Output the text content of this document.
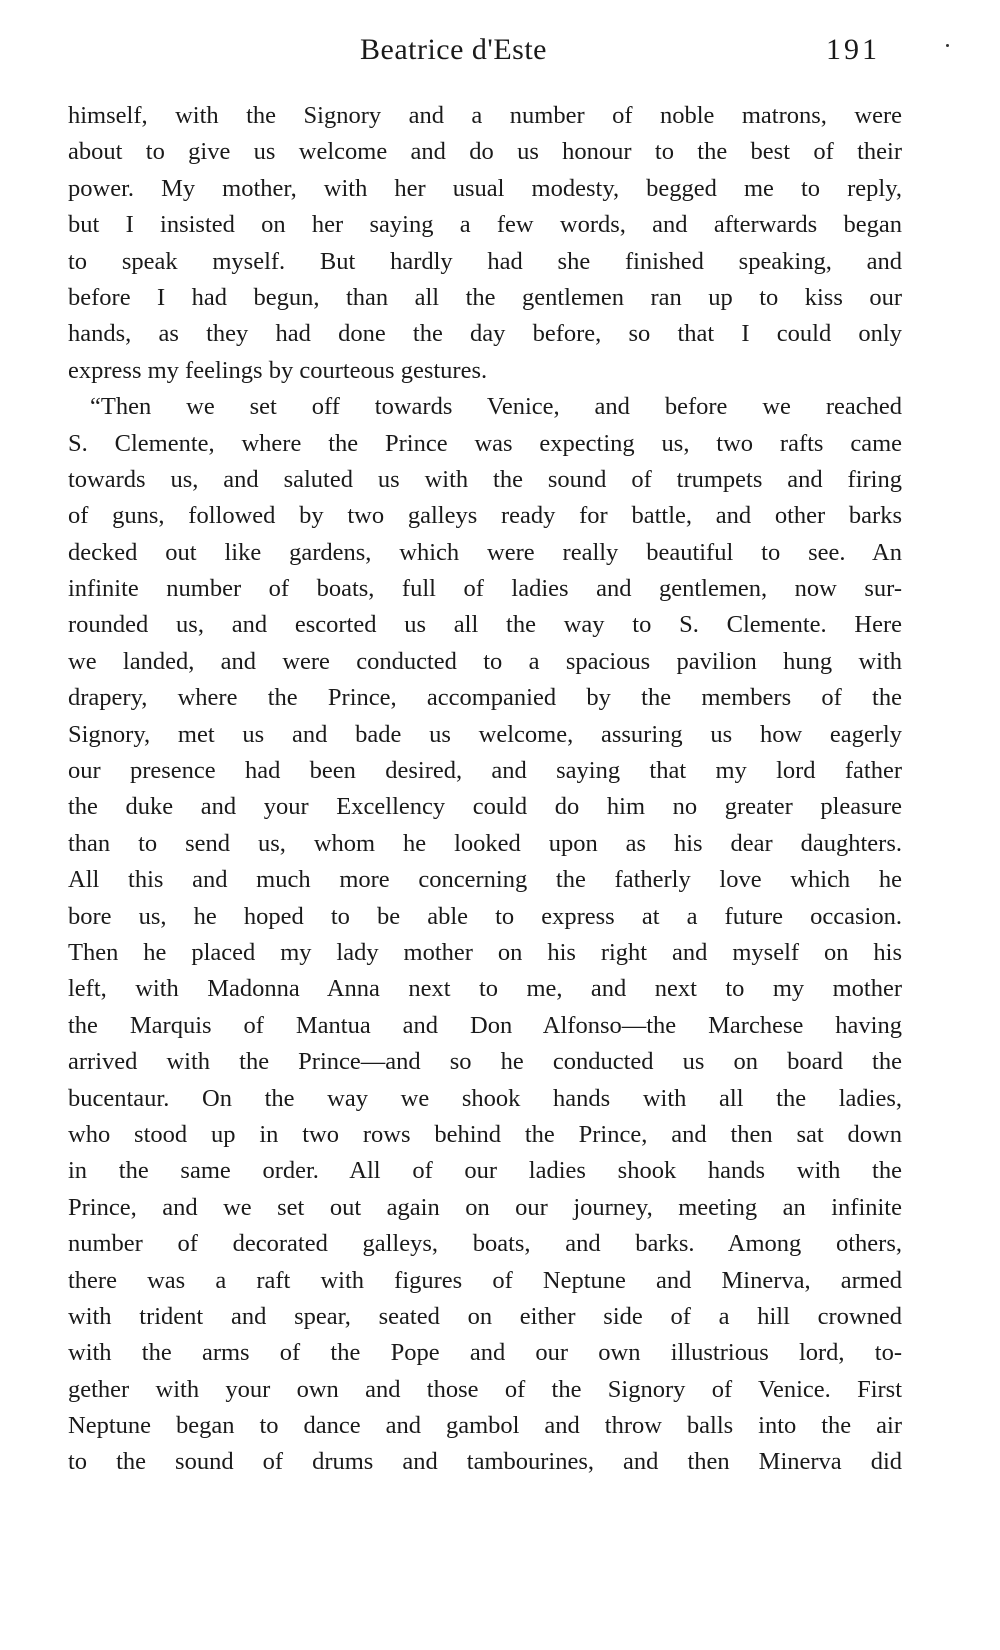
Beatrice d'Este	191
himself, with the Signory and a number of noble matrons, were
about to give us welcome and do us honour to the best of their
power. My mother, with her usual modesty, begged me to reply,
but I insisted on her saying a few words, and afterwards began
to speak myself. But hardly had she finished speaking, and
before I had begun, than all the gentlemen ran up to kiss our
hands, as they had done the day before, so that I could only
express my feelings by courteous gestures.
“Then we set off towards Venice, and before we reached
S. Clemente, where the Prince was expecting us, two rafts came
towards us, and saluted us with the sound of trumpets and firing
of guns, followed by two galleys ready for battle, and other barks
decked out like gardens, which were really beautiful to see. An
infinite number of boats, full of ladies and gentlemen, now sur-
rounded us, and escorted us all the way to S. Clemente. Here
we landed, and were conducted to a spacious pavilion hung with
drapery, where the Prince, accompanied by the members of the
Signory, met us and bade us welcome, assuring us how eagerly
our presence had been desired, and saying that my lord father
the duke and your Excellency could do him no greater pleasure
than to send us, whom he looked upon as his dear daughters.
All this and much more concerning the fatherly love which he
bore us, he hoped to be able to express at a future occasion.
Then he placed my lady mother on his right and myself on his
left, with Madonna Anna next to me, and next to my mother
the Marquis of Mantua and Don Alfonso—the Marchese having
arrived with the Prince—and so he conducted us on board the
bucentaur. On the way we shook hands with all the ladies,
who stood up in two rows behind the Prince, and then sat down
in the same order. All of our ladies shook hands with the
Prince, and we set out again on our journey, meeting an infinite
number of decorated galleys, boats, and barks. Among others,
there was a raft with figures of Neptune and Minerva, armed
with trident and spear, seated on either side of a hill crowned
with the arms of the Pope and our own illustrious lord, to-
gether with your own and those of the Signory of Venice. First
Neptune began to dance and gambol and throw balls into the air
to the sound of drums and tambourines, and then Minerva did
